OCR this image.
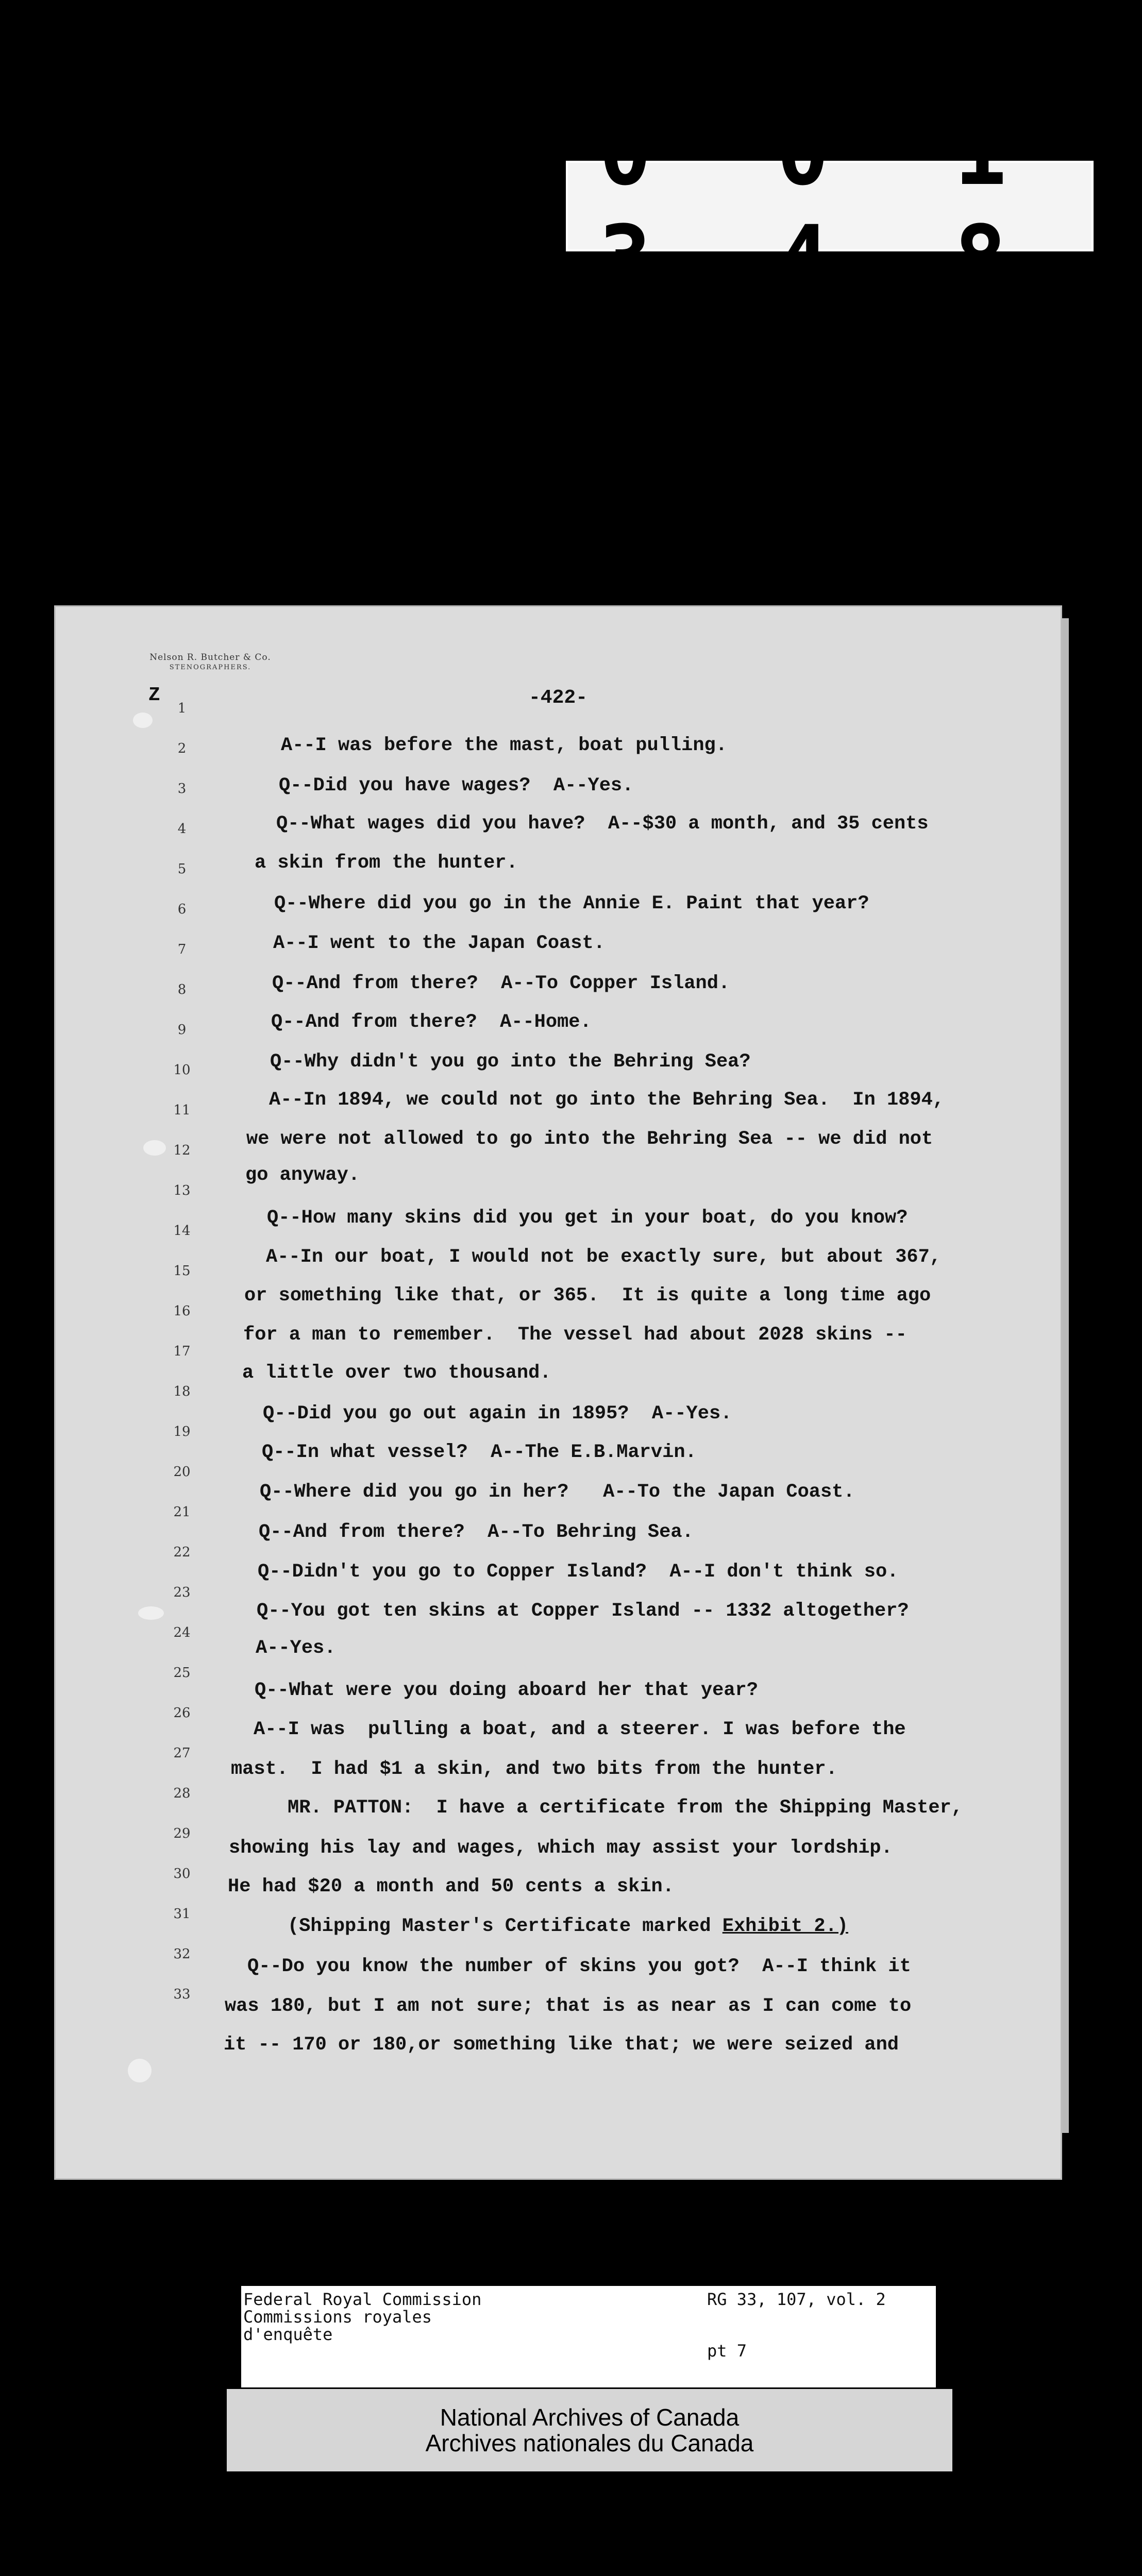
0 0 1 3 4 8
Nelson R. Butcher & Co.
STENOGRAPHERS.
Z	-422-
1
2
3
4
5
6
7
8
9
10
11
12
13
14
15
16
17
18
19
20
21
22
23
24
25
26
27
28
29
30
31
32
33
A--I was before the mast, boat pulling.
Q--Did you have wages?  A--Yes.
Q--What wages did you have?  A--$30 a month, and 35 cents
a skin from the hunter.
Q--Where did you go in the Annie E. Paint that year?
A--I went to the Japan Coast.
Q--And from there?  A--To Copper Island.
Q--And from there?  A--Home.
Q--Why didn't you go into the Behring Sea?
A--In 1894, we could not go into the Behring Sea.  In 1894,
we were not allowed to go into the Behring Sea -- we did not
go anyway.
Q--How many skins did you get in your boat, do you know?
A--In our boat, I would not be exactly sure, but about 367,
or something like that, or 365.  It is quite a long time ago
for a man to remember.  The vessel had about 2028 skins --
a little over two thousand.
Q--Did you go out again in 1895?  A--Yes.
Q--In what vessel?  A--The E.B.Marvin.
Q--Where did you go in her?   A--To the Japan Coast.
Q--And from there?  A--To Behring Sea.
Q--Didn't you go to Copper Island?  A--I don't think so.
Q--You got ten skins at Copper Island -- 1332 altogether?
A--Yes.
Q--What were you doing aboard her that year?
A--I was  pulling a boat, and a steerer. I was before the
mast.  I had $1 a skin, and two bits from the hunter.
MR. PATTON:  I have a certificate from the Shipping Master,
showing his lay and wages, which may assist your lordship.
He had $20 a month and 50 cents a skin.
(Shipping Master's Certificate marked Exhibit 2.)
Q--Do you know the number of skins you got?  A--I think it
was 180, but I am not sure; that is as near as I can come to
it -- 170 or 180,or something like that; we were seized and
Federal Royal Commission
Commissions royales
d'enquête
RG 33, 107, vol. 2
pt 7
National Archives of Canada
Archives nationales du Canada
